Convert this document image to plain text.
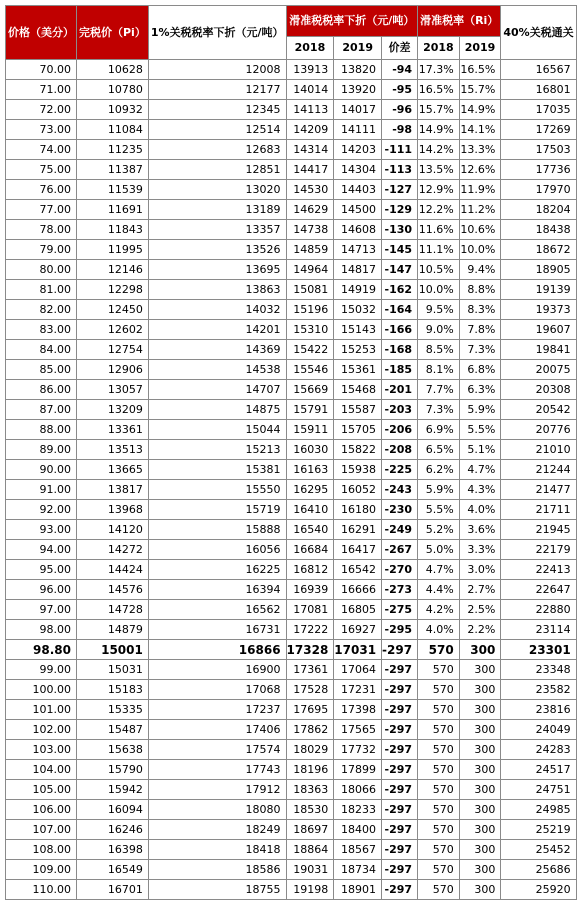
价格（美分）	完税价（Pi）	1%关税税率下折（元/吨）	滑准税税率下折（元/吨）			滑准税率（Ri）		40%关税通关
			2018	2019	价差	2018	2019	
70.00	10628	12008	13913	13820	-94	17.3%	16.5%	16567
71.00	10780	12177	14014	13920	-95	16.5%	15.7%	16801
72.00	10932	12345	14113	14017	-96	15.7%	14.9%	17035
73.00	11084	12514	14209	14111	-98	14.9%	14.1%	17269
74.00	11235	12683	14314	14203	-111	14.2%	13.3%	17503
75.00	11387	12851	14417	14304	-113	13.5%	12.6%	17736
76.00	11539	13020	14530	14403	-127	12.9%	11.9%	17970
77.00	11691	13189	14629	14500	-129	12.2%	11.2%	18204
78.00	11843	13357	14738	14608	-130	11.6%	10.6%	18438
79.00	11995	13526	14859	14713	-145	11.1%	10.0%	18672
80.00	12146	13695	14964	14817	-147	10.5%	9.4%	18905
81.00	12298	13863	15081	14919	-162	10.0%	8.8%	19139
82.00	12450	14032	15196	15032	-164	9.5%	8.3%	19373
83.00	12602	14201	15310	15143	-166	9.0%	7.8%	19607
84.00	12754	14369	15422	15253	-168	8.5%	7.3%	19841
85.00	12906	14538	15546	15361	-185	8.1%	6.8%	20075
86.00	13057	14707	15669	15468	-201	7.7%	6.3%	20308
87.00	13209	14875	15791	15587	-203	7.3%	5.9%	20542
88.00	13361	15044	15911	15705	-206	6.9%	5.5%	20776
89.00	13513	15213	16030	15822	-208	6.5%	5.1%	21010
90.00	13665	15381	16163	15938	-225	6.2%	4.7%	21244
91.00	13817	15550	16295	16052	-243	5.9%	4.3%	21477
92.00	13968	15719	16410	16180	-230	5.5%	4.0%	21711
93.00	14120	15888	16540	16291	-249	5.2%	3.6%	21945
94.00	14272	16056	16684	16417	-267	5.0%	3.3%	22179
95.00	14424	16225	16812	16542	-270	4.7%	3.0%	22413
96.00	14576	16394	16939	16666	-273	4.4%	2.7%	22647
97.00	14728	16562	17081	16805	-275	4.2%	2.5%	22880
98.00	14879	16731	17222	16927	-295	4.0%	2.2%	23114
98.80	15001	16866	17328	17031	-297	570	300	23301
99.00	15031	16900	17361	17064	-297	570	300	23348
100.00	15183	17068	17528	17231	-297	570	300	23582
101.00	15335	17237	17695	17398	-297	570	300	23816
102.00	15487	17406	17862	17565	-297	570	300	24049
103.00	15638	17574	18029	17732	-297	570	300	24283
104.00	15790	17743	18196	17899	-297	570	300	24517
105.00	15942	17912	18363	18066	-297	570	300	24751
106.00	16094	18080	18530	18233	-297	570	300	24985
107.00	16246	18249	18697	18400	-297	570	300	25219
108.00	16398	18418	18864	18567	-297	570	300	25452
109.00	16549	18586	19031	18734	-297	570	300	25686
110.00	16701	18755	19198	18901	-297	570	300	25920
